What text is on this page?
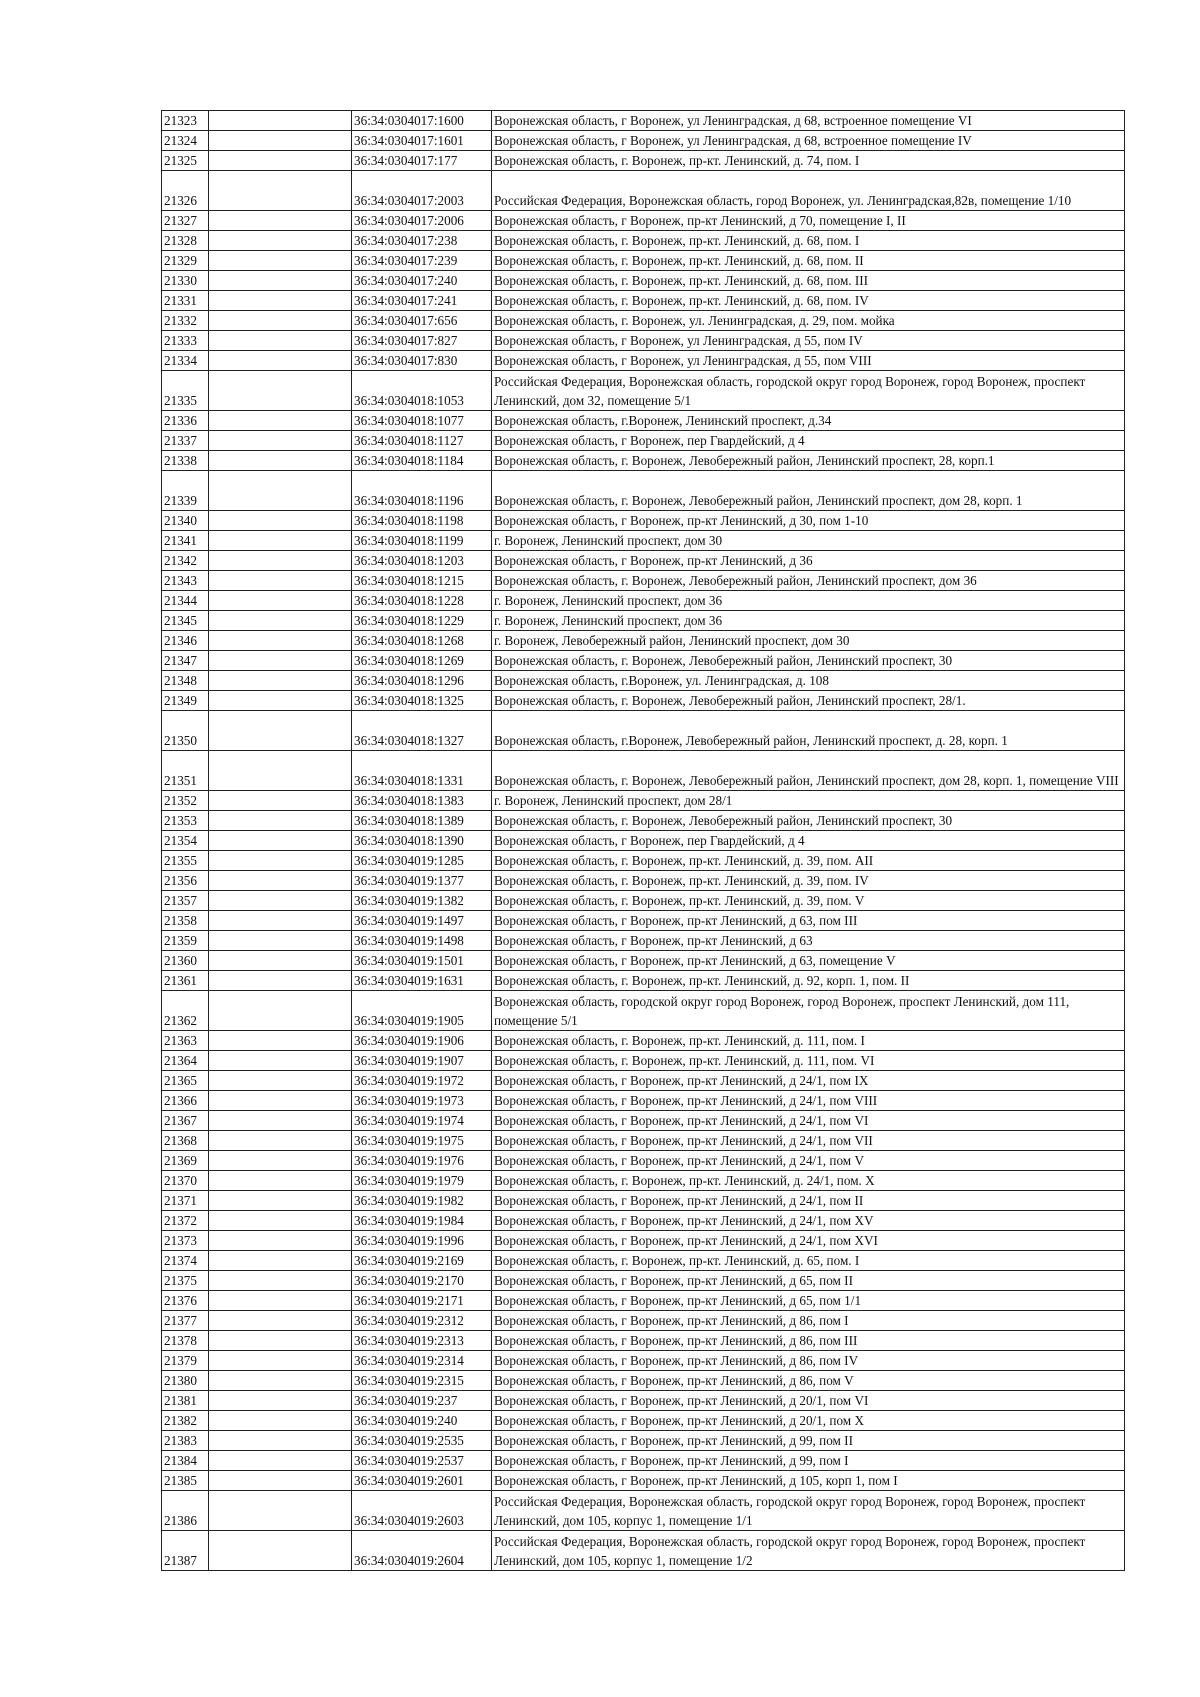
21323		36:34:0304017:1600	Воронежская область, г Воронеж, ул Ленинградская, д 68, встроенное помещение VI
21324		36:34:0304017:1601	Воронежская область, г Воронеж, ул Ленинградская, д 68, встроенное помещение IV
21325		36:34:0304017:177	Воронежская область, г. Воронеж, пр-кт. Ленинский, д. 74, пом. I
21326		36:34:0304017:2003	Российская Федерация, Воронежская область, город Воронеж, ул. Ленинградская,82в, помещение 1/10
21327		36:34:0304017:2006	Воронежская область, г Воронеж, пр-кт Ленинский, д 70, помещение I, II
21328		36:34:0304017:238	Воронежская область, г. Воронеж, пр-кт. Ленинский, д. 68, пом. I
21329		36:34:0304017:239	Воронежская область, г. Воронеж, пр-кт. Ленинский, д. 68, пом. II
21330		36:34:0304017:240	Воронежская область, г. Воронеж, пр-кт. Ленинский, д. 68, пом. III
21331		36:34:0304017:241	Воронежская область, г. Воронеж, пр-кт. Ленинский, д. 68, пом. IV
21332		36:34:0304017:656	Воронежская область, г. Воронеж, ул. Ленинградская, д. 29, пом. мойка
21333		36:34:0304017:827	Воронежская область, г Воронеж, ул Ленинградская, д 55, пом IV
21334		36:34:0304017:830	Воронежская область, г Воронеж, ул Ленинградская, д 55, пом VIII
21335		36:34:0304018:1053	Российская Федерация, Воронежская область, городской округ город Воронеж, город Воронеж, проспект Ленинский, дом 32, помещение 5/1
21336		36:34:0304018:1077	Воронежская область, г.Воронеж, Ленинский проспект, д.34
21337		36:34:0304018:1127	Воронежская область, г Воронеж, пер Гвардейский, д 4
21338		36:34:0304018:1184	Воронежская область, г. Воронеж, Левобережный район, Ленинский проспект, 28, корп.1
21339		36:34:0304018:1196	Воронежская область, г. Воронеж, Левобережный район, Ленинский проспект, дом 28, корп. 1
21340		36:34:0304018:1198	Воронежская область, г Воронеж, пр-кт Ленинский, д 30, пом 1-10
21341		36:34:0304018:1199	г. Воронеж, Ленинский проспект, дом 30
21342		36:34:0304018:1203	Воронежская область, г Воронеж, пр-кт Ленинский, д 36
21343		36:34:0304018:1215	Воронежская область, г. Воронеж, Левобережный район, Ленинский проспект, дом 36
21344		36:34:0304018:1228	г. Воронеж, Ленинский проспект, дом 36
21345		36:34:0304018:1229	г. Воронеж, Ленинский проспект, дом 36
21346		36:34:0304018:1268	г. Воронеж, Левобережный район, Ленинский проспект, дом 30
21347		36:34:0304018:1269	Воронежская область, г. Воронеж, Левобережный район, Ленинский проспект, 30
21348		36:34:0304018:1296	Воронежская область, г.Воронеж, ул. Ленинградская, д. 108
21349		36:34:0304018:1325	Воронежская область, г. Воронеж, Левобережный район, Ленинский проспект, 28/1.
21350		36:34:0304018:1327	Воронежская область, г.Воронеж, Левобережный район, Ленинский проспект, д. 28, корп. 1
21351		36:34:0304018:1331	Воронежская область, г. Воронеж, Левобережный район, Ленинский проспект, дом 28, корп. 1, помещение VIII
21352		36:34:0304018:1383	г. Воронеж, Ленинский проспект, дом 28/1
21353		36:34:0304018:1389	Воронежская область, г. Воронеж, Левобережный район, Ленинский проспект, 30
21354		36:34:0304018:1390	Воронежская область, г Воронеж, пер Гвардейский, д 4
21355		36:34:0304019:1285	Воронежская область, г. Воронеж, пр-кт. Ленинский, д. 39, пом. АII
21356		36:34:0304019:1377	Воронежская область, г. Воронеж, пр-кт. Ленинский, д. 39, пом. IV
21357		36:34:0304019:1382	Воронежская область, г. Воронеж, пр-кт. Ленинский, д. 39, пом. V
21358		36:34:0304019:1497	Воронежская область, г Воронеж, пр-кт Ленинский, д 63, пом III
21359		36:34:0304019:1498	Воронежская область, г Воронеж, пр-кт Ленинский, д 63
21360		36:34:0304019:1501	Воронежская область, г Воронеж, пр-кт Ленинский, д 63, помещение V
21361		36:34:0304019:1631	Воронежская область, г. Воронеж, пр-кт. Ленинский, д. 92, корп. 1, пом. II
21362		36:34:0304019:1905	Воронежская область, городской округ город Воронеж, город Воронеж, проспект Ленинский, дом 111, помещение 5/1
21363		36:34:0304019:1906	Воронежская область, г. Воронеж, пр-кт. Ленинский, д. 111, пом. I
21364		36:34:0304019:1907	Воронежская область, г. Воронеж, пр-кт. Ленинский, д. 111, пом. VI
21365		36:34:0304019:1972	Воронежская область, г Воронеж, пр-кт Ленинский, д 24/1, пом IX
21366		36:34:0304019:1973	Воронежская область, г Воронеж, пр-кт Ленинский, д 24/1, пом VIII
21367		36:34:0304019:1974	Воронежская область, г Воронеж, пр-кт Ленинский, д 24/1, пом VI
21368		36:34:0304019:1975	Воронежская область, г Воронеж, пр-кт Ленинский, д 24/1, пом VII
21369		36:34:0304019:1976	Воронежская область, г Воронеж, пр-кт Ленинский, д 24/1, пом V
21370		36:34:0304019:1979	Воронежская область, г. Воронеж, пр-кт. Ленинский, д. 24/1, пом. X
21371		36:34:0304019:1982	Воронежская область, г Воронеж, пр-кт Ленинский, д 24/1, пом II
21372		36:34:0304019:1984	Воронежская область, г Воронеж, пр-кт Ленинский, д 24/1, пом XV
21373		36:34:0304019:1996	Воронежская область, г Воронеж, пр-кт Ленинский, д 24/1, пом XVI
21374		36:34:0304019:2169	Воронежская область, г. Воронеж, пр-кт. Ленинский, д. 65, пом. I
21375		36:34:0304019:2170	Воронежская область, г Воронеж, пр-кт Ленинский, д 65, пом II
21376		36:34:0304019:2171	Воронежская область, г Воронеж, пр-кт Ленинский, д 65, пом 1/1
21377		36:34:0304019:2312	Воронежская область, г Воронеж, пр-кт Ленинский, д 86, пом I
21378		36:34:0304019:2313	Воронежская область, г Воронеж, пр-кт Ленинский, д 86, пом III
21379		36:34:0304019:2314	Воронежская область, г Воронеж, пр-кт Ленинский, д 86, пом IV
21380		36:34:0304019:2315	Воронежская область, г Воронеж, пр-кт Ленинский, д 86, пом V
21381		36:34:0304019:237	Воронежская область, г Воронеж, пр-кт Ленинский, д 20/1, пом VI
21382		36:34:0304019:240	Воронежская область, г Воронеж, пр-кт Ленинский, д 20/1, пом X
21383		36:34:0304019:2535	Воронежская область, г Воронеж, пр-кт Ленинский, д 99, пом II
21384		36:34:0304019:2537	Воронежская область, г Воронеж, пр-кт Ленинский, д 99, пом I
21385		36:34:0304019:2601	Воронежская область, г Воронеж, пр-кт Ленинский, д 105, корп 1, пом I
21386		36:34:0304019:2603	Российская Федерация, Воронежская область, городской округ город Воронеж, город Воронеж, проспект Ленинский, дом 105, корпус 1, помещение 1/1
21387		36:34:0304019:2604	Российская Федерация, Воронежская область, городской округ город Воронеж, город Воронеж, проспект Ленинский, дом 105, корпус 1, помещение 1/2
